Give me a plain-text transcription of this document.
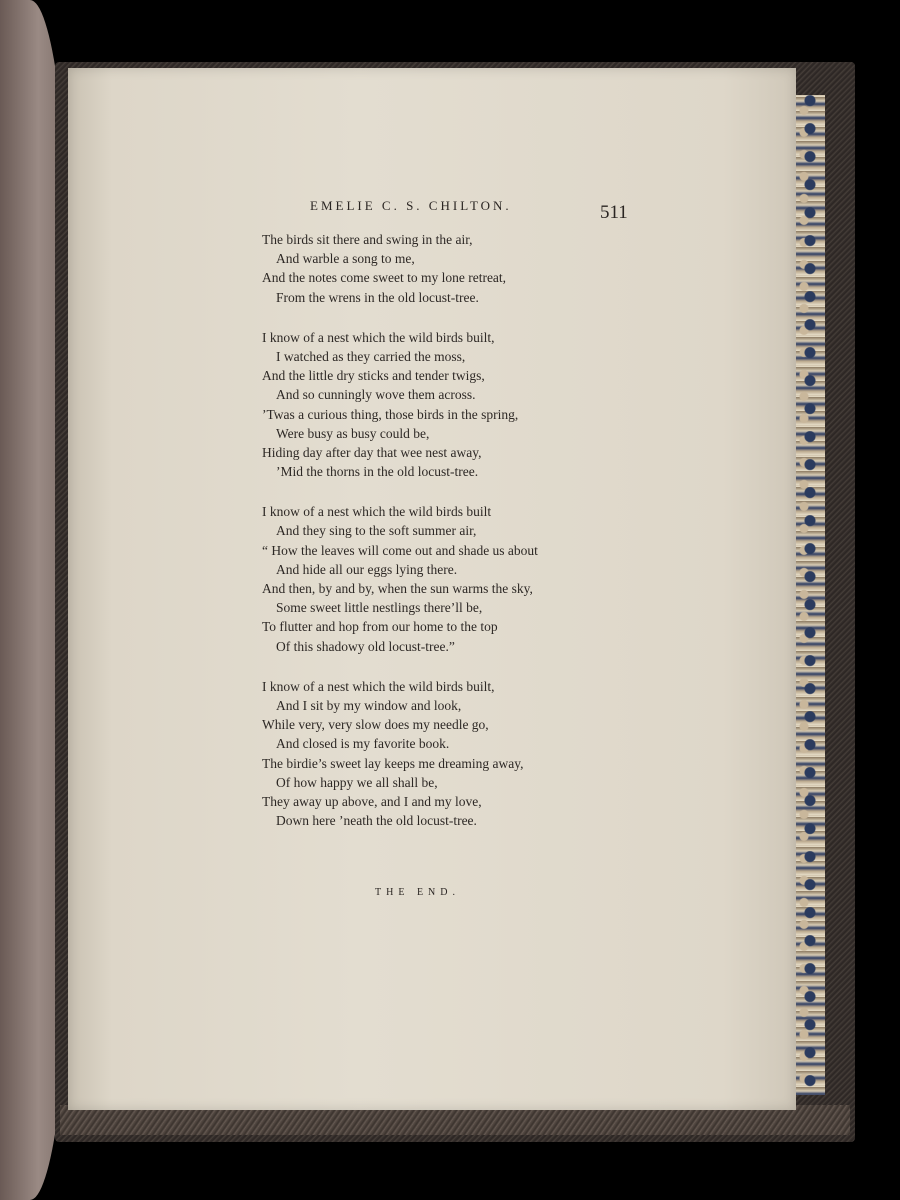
EMELIE C. S. CHILTON.	511
The birds sit there and swing in the air,
And warble a song to me,
And the notes come sweet to my lone retreat,
From the wrens in the old locust-tree.
I know of a nest which the wild birds built,
I watched as they carried the moss,
And the little dry sticks and tender twigs,
And so cunningly wove them across.
’Twas a curious thing, those birds in the spring,
Were busy as busy could be,
Hiding day after day that wee nest away,
’Mid the thorns in the old locust-tree.
I know of a nest which the wild birds built
And they sing to the soft summer air,
“ How the leaves will come out and shade us about
And hide all our eggs lying there.
And then, by and by, when the sun warms the sky,
Some sweet little nestlings there’ll be,
To flutter and hop from our home to the top
Of this shadowy old locust-tree.”
I know of a nest which the wild birds built,
And I sit by my window and look,
While very, very slow does my needle go,
And closed is my favorite book.
The birdie’s sweet lay keeps me dreaming away,
Of how happy we all shall be,
They away up above, and I and my love,
Down here ’neath the old locust-tree.
THE END.
